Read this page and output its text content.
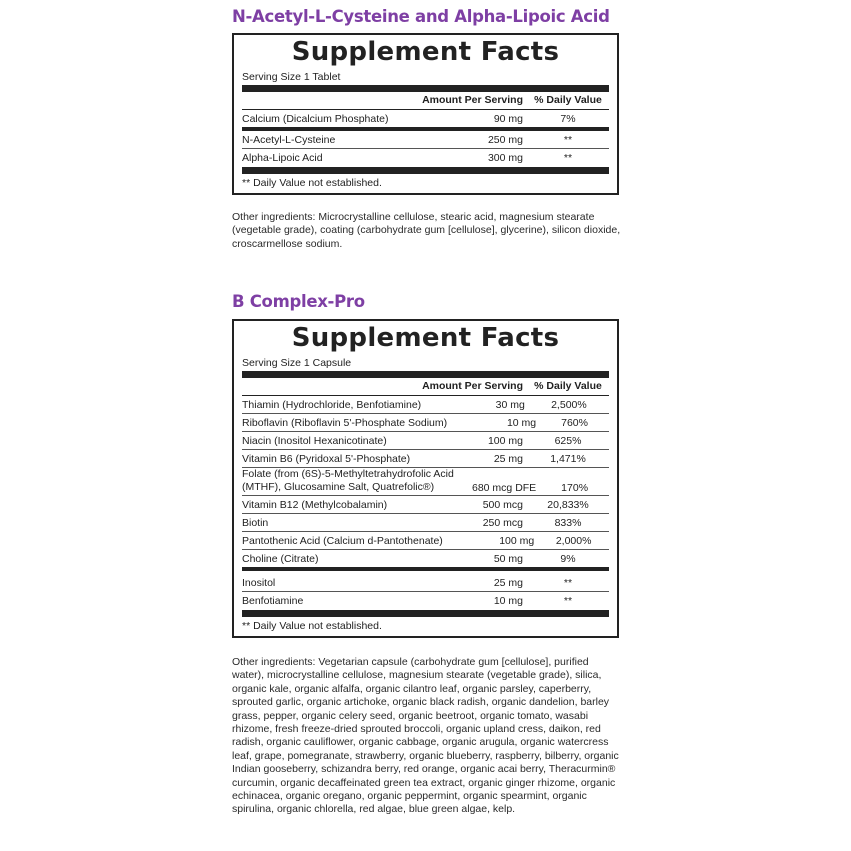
N-Acetyl-L-Cysteine and Alpha-Lipoic Acid
Supplement Facts
Serving Size 1 Tablet
Amount Per Serving	% Daily Value
Calcium (Dicalcium Phosphate)	90 mg	7%
N-Acetyl-L-Cysteine	250 mg	**
Alpha-Lipoic Acid	300 mg	**
** Daily Value not established.
Other ingredients: Microcrystalline cellulose, stearic acid, magnesium stearate (vegetable grade), coating (carbohydrate gum [cellulose], glycerine), silicon dioxide, croscarmellose sodium.
B Complex-Pro
Supplement Facts
Serving Size 1 Capsule
Amount Per Serving	% Daily Value
Thiamin (Hydrochloride, Benfotiamine)	30 mg	2,500%
Riboflavin (Riboflavin 5'-Phosphate Sodium)	10 mg	760%
Niacin (Inositol Hexanicotinate)	100 mg	625%
Vitamin B6 (Pyridoxal 5'-Phosphate)	25 mg	1,471%
Folate (from (6S)-5-Methyltetrahydrofolic Acid (MTHF), Glucosamine Salt, Quatrefolic®)	680 mcg DFE	170%
Vitamin B12 (Methylcobalamin)	500 mcg	20,833%
Biotin	250 mcg	833%
Pantothenic Acid (Calcium d-Pantothenate)	100 mg	2,000%
Choline (Citrate)	50 mg	9%
Inositol	25 mg	**
Benfotiamine	10 mg	**
** Daily Value not established.
Other ingredients: Vegetarian capsule (carbohydrate gum [cellulose], purified water), microcrystalline cellulose, magnesium stearate (vegetable grade), silica, organic kale, organic alfalfa, organic cilantro leaf, organic parsley, caperberry, sprouted garlic, organic artichoke, organic black radish, organic dandelion, barley grass, pepper, organic celery seed, organic beetroot, organic tomato, wasabi rhizome, fresh freeze-dried sprouted broccoli, organic upland cress, daikon, red radish, organic cauliflower, organic cabbage, organic arugula, organic watercress leaf, grape, pomegranate, strawberry, organic blueberry, raspberry, bilberry, organic Indian gooseberry, schizandra berry, red orange, organic acai berry, Theracurmin® curcumin, organic decaffeinated green tea extract, organic ginger rhizome, organic echinacea, organic oregano, organic peppermint, organic spearmint, organic spirulina, organic chlorella, red algae, blue green algae, kelp.
